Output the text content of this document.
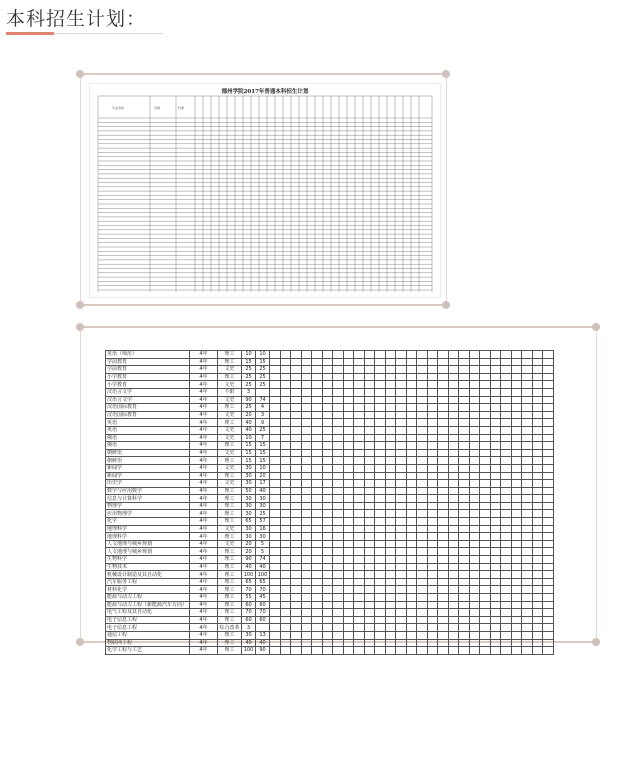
本科招生计划：
德州学院2017年普通本科招生计划
专业名称	学制	科类
英语（师范）	4年	理工	10	10																											
学前教育	4年	理工	15	15																											
学前教育	4年	文史	25	25																											
小学教育	4年	理工	25	25																											
小学教育	4年	文史	25	25																											
汉语言文学	4年	不限	3																												
汉语言文学	4年	文史	90	74																											
汉语国际教育	4年	理工	25	4																											
汉语国际教育	4年	文史	20	3																											
英语	4年	理工	40	9																											
英语	4年	文史	40	25																											
俄语	4年	文史	10	7																											
俄语	4年	理工	15	15																											
朝鲜语	4年	文史	15	15																											
朝鲜语	4年	理工	15	15																											
新闻学	4年	文史	30	10																											
新闻学	4年	理工	30	20																											
历史学	4年	文史	30	17																											
数学与应用数学	4年	理工	50	40																											
信息与计算科学	4年	理工	30	30																											
物理学	4年	理工	30	30																											
应用物理学	4年	理工	30	25																											
化学	4年	理工	65	57																											
地理科学	4年	文史	30	16																											
地理科学	4年	理工	30	30																											
人文地理与城乡规划	4年	文史	20	5																											
人文地理与城乡规划	4年	理工	20	5																											
生物科学	4年	理工	90	74																											
生物技术	4年	理工	40	40																											
机械设计制造及其自动化	4年	理工	100	100																											
汽车服务工程	4年	理工	65	65																											
材料化学	4年	理工	70	70																											
能源与动力工程	4年	理工	55	45																											
能源与动力工程（新能源汽车方向）	4年	理工	60	60																											
电气工程及其自动化	4年	理工	70	70																											
电子信息工程	4年	理工	60	60																											
电子信息工程	4年	综合改革	3																												
通信工程	4年	理工	30	13																											
物联网工程	4年	理工	40	40																											
化学工程与工艺	4年	理工	100	90																											
